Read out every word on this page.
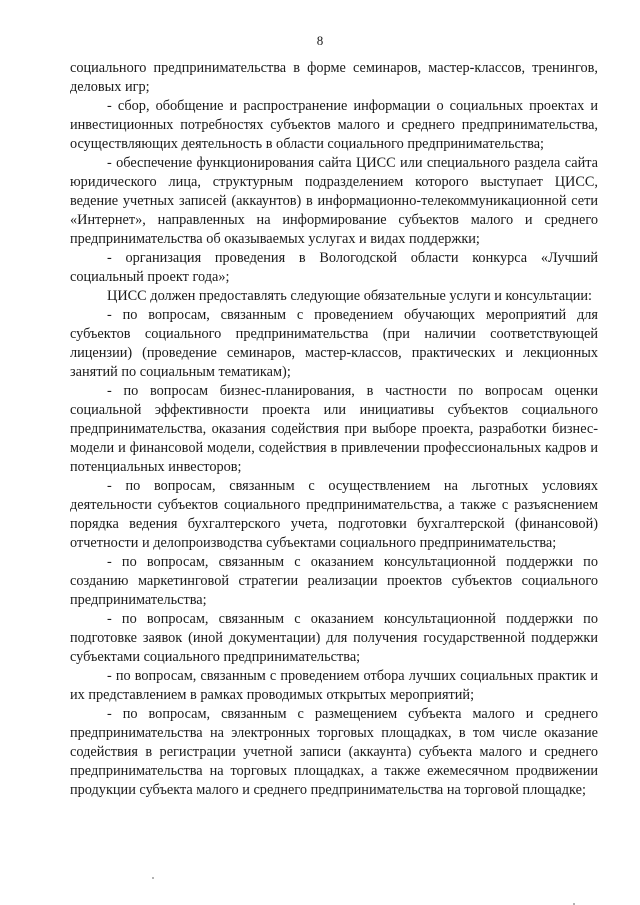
8

социального предпринимательства в форме семинаров, мастер-классов, тренингов, деловых игр;

- сбор, обобщение и распространение информации о социальных проектах и инвестиционных потребностях субъектов малого и среднего предпринимательства, осуществляющих деятельность в области социального предпринимательства;

- обеспечение функционирования сайта ЦИСС или специального раздела сайта юридического лица, структурным подразделением которого выступает ЦИСС, ведение учетных записей (аккаунтов) в информационно-телекоммуникационной сети «Интернет», направленных на информирование субъектов малого и среднего предпринимательства об оказываемых услугах и видах поддержки;

- организация проведения в Вологодской области конкурса «Лучший социальный проект года»;

ЦИСС должен предоставлять следующие обязательные услуги и консультации:

- по вопросам, связанным с проведением обучающих мероприятий для субъектов социального предпринимательства (при наличии соответствующей лицензии) (проведение семинаров, мастер-классов, практических и лекционных занятий по социальным тематикам);

- по вопросам бизнес-планирования, в частности по вопросам оценки социальной эффективности проекта или инициативы субъектов социального предпринимательства, оказания содействия при выборе проекта, разработки бизнес-модели и финансовой модели, содействия в привлечении профессиональных кадров и потенциальных инвесторов;

- по вопросам, связанным с осуществлением на льготных условиях деятельности субъектов социального предпринимательства, а также с разъяснением порядка ведения бухгалтерского учета, подготовки бухгалтерской (финансовой) отчетности и делопроизводства субъектами социального предпринимательства;

- по вопросам, связанным с оказанием консультационной поддержки по созданию маркетинговой стратегии реализации проектов субъектов социального предпринимательства;

- по вопросам, связанным с оказанием консультационной поддержки по подготовке заявок (иной документации) для получения государственной поддержки субъектами социального предпринимательства;

- по вопросам, связанным с проведением отбора лучших социальных практик и их представлением в рамках проводимых открытых мероприятий;

- по вопросам, связанным с размещением субъекта малого и среднего предпринимательства на электронных торговых площадках, в том числе оказание содействия в регистрации учетной записи (аккаунта) субъекта малого и среднего предпринимательства на торговых площадках, а также ежемесячном продвижении продукции субъекта малого и среднего предпринимательства на торговой площадке;
